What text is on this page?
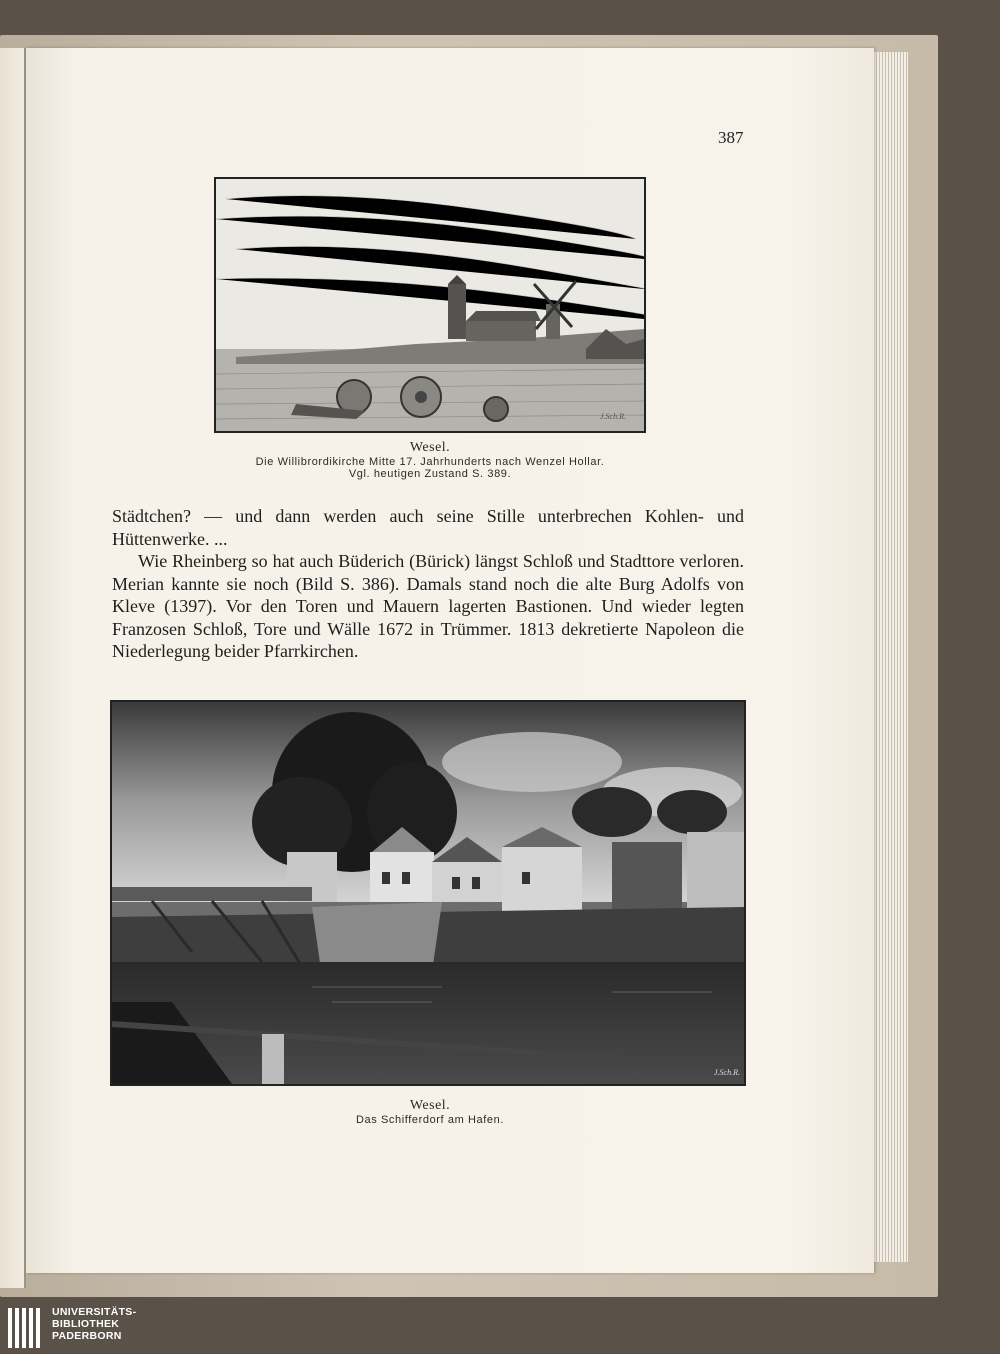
387
Wesel.
Die Willibrordikirche Mitte 17. Jahrhunderts nach Wenzel Hollar.
Vgl. heutigen Zustand S. 389.
J.Sch.R.

Städtchen? — und dann werden auch seine Stille unterbrechen Kohlen- und Hüttenwerke. ...

Wie Rheinberg so hat auch Büderich (Bürick) längst Schloß und Stadttore verloren. Merian kannte sie noch (Bild S. 386). Damals stand noch die alte Burg Adolfs von Kleve (1397). Vor den Toren und Mauern lagerten Bastionen. Und wieder legten Franzosen Schloß, Tore und Wälle 1672 in Trümmer. 1813 dekretierte Napoleon die Niederlegung beider Pfarrkirchen.

Wesel.
Das Schifferdorf am Hafen.
J.Sch.R.
UNIVERSITÄTS-
BIBLIOTHEK
PADERBORN
